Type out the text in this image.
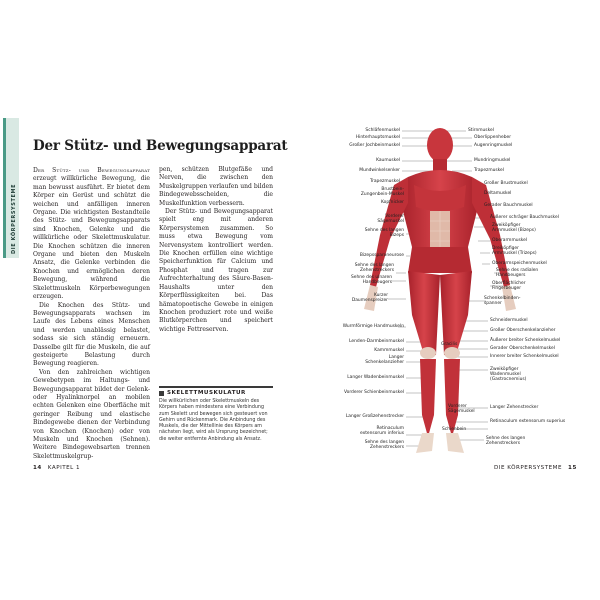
DIE KÖRPERSYSTEME
Der Stütz- und Bewegungsapparat

Der Stütz- und Bewegungsapparat erzeugt willkürliche Bewegung, die man bewusst ausführt. Er bietet dem Körper ein Gerüst und schützt die weichen und anfälligen inneren Organe. Die wichtigsten Bestandteile des Stütz- und Bewegungsapparats sind Knochen, Gelenke und die willkürliche oder Skelettmuskulatur. Die Knochen schützen die inneren Organe und bieten den Muskeln Ansatz, die Gelenke verbinden die Knochen und ermöglichen deren Bewegung, während die Skelettmuskeln Körperbewegungen erzeugen.

Die Knochen des Stütz- und Bewegungsapparats wachsen im Laufe des Lebens eines Menschen und werden unablässig belastet, sodass sie sich ständig erneuern. Dasselbe gilt für die Muskeln, die auf gesteigerte Belastung durch Bewegung reagieren.

Von den zahlreichen wichtigen Gewebetypen im Haltungs- und Bewegungsapparat bildet der Gelenk- oder Hyalinknorpel an mobilen echten Gelenken eine Oberfläche mit geringer Reibung und elastische Bindegewebe dienen der Verbindung von Knochen (Knochen) oder von Muskeln und Knochen (Sehnen). Weitere Bindegewebsarten trennen Skelettmuskelgrup-

pen, schützen Blutgefäße und Nerven, die zwischen den Muskelgruppen verlaufen und bilden Bindegewebsscheiden, die Muskelfunktion verbessern.

Der Stütz- und Bewegungsapparat spielt eng mit anderen Körpersystemen zusammen. So muss etwa Bewegung vom Nervensystem kontrolliert werden. Die Knochen erfüllen eine wichtige Speicherfunktion für Calcium und Phosphat und tragen zur Aufrechterhaltung des Säure-Basen-Haushalts unter den Körperflüssigkeiten bei. Das hämatopoetische Gewebe in einigen Knochen produziert rote und weiße Blutkörperchen und speichert wichtige Fettreserven.

SKELETTMUSKULATUR
Die willkürlichen oder Skelettmuskeln des Körpers haben mindestens eine Verbindung zum Skelett und bewegen sich gesteuert von Gehirn und Rückenmark. Die Anbindung des Muskels, die der Mittellinie des Körpers am nächsten liegt, wird als Ursprung bezeichnet; die weiter entfernte Anbindung als Ansatz.
14 KAPITEL 1	DIE KÖRPERSYSTEME 15
Schläfenmuskel
Hinterhauptsmuskel
Großer Jochbeinmuskel
Kaumuskel
Mundwinkelsenker
Trapezmuskel
Brustbein-Zungenbein-Muskel
Kopfnicker
Vorderer Sägemuskel
Sehne des langen Bizeps
Bizepssparoneurose
Sehne des langen Zehenstreckers
Sehne des ulnaren Handbeugers
Kurzer Daumenspreizer
Wurmförmige Handmuskeln
Lenden-Darmbeinmuskel
Kammmuskel
Langer Schenkelanzieher
Langer Wadenbeinmuskel
Vorderer Schienbeinmuskel
Langer Großzehenstrecker
Retinaculum extensorum inferius
Sehne des langen Zehenstreckers
Stirnmuskel
Oberlippenheber
Augenringmuskel
Mundringmuskel
Trapezmuskel
Großer Brustmuskel
Deltamuskel
Gerader Bauchmuskel
Äußerer schräger Bauchmuskel
Zweiköpfiger Armmuskel (Bizeps)
Oberarmmuskel
Dreiköpfiger Armmuskel (Trizeps)
Oberarmspeichenmuskel
Sehne des radialen Handbeugers
Oberflächlicher Fingerbeuger
Schenkelbinden-spanner
Schneidermuskel
Großer Oberschenkelanzieher
Äußerer breiter Schenkelmuskel
Gerader Oberschenkelmuskel
Innerer breiter Schenkelmuskel
Gracilis
Zweiköpfiger Wadenmuskel (Gastrocnemius)
Vorderer Sägemuskel
Langer Zehenstrecker
Retinaculum extensorum superius
Schienbein
Sehne des langen Zehenstreckers
